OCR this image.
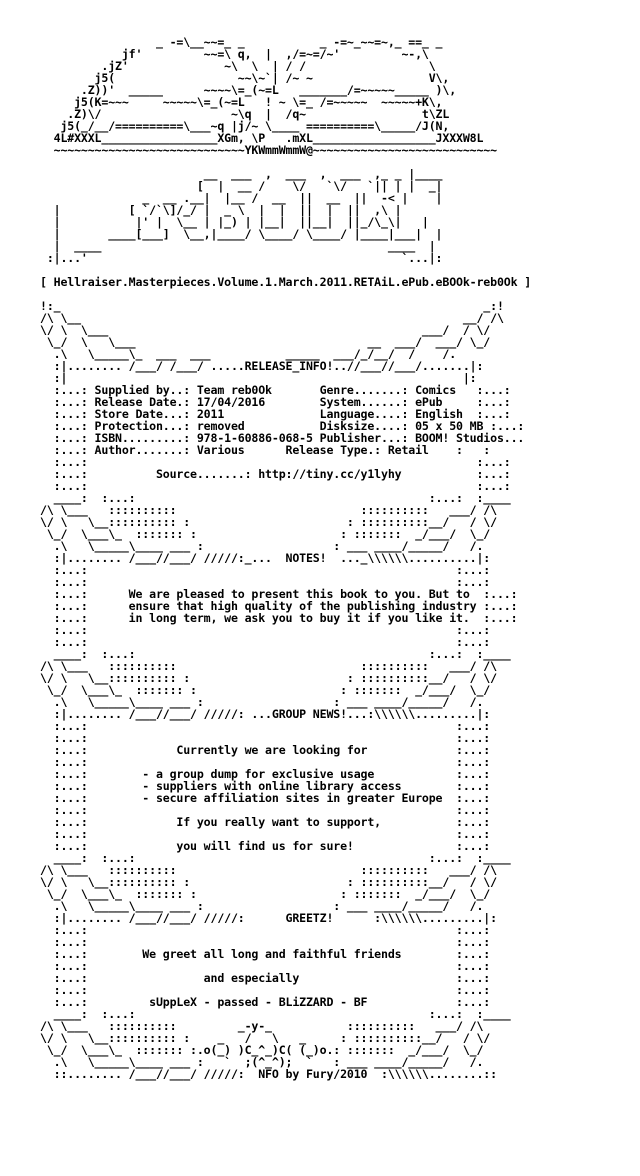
_ -=\__~~=_ _           _ -=~_~~=~,_ ==_ _
jf'         ~~=\ q,  |  ,/=~=/~'         ~-,\
.jZ'              ~\  \  | / /                  \
j5(                  ~~\~`| /~ ~                 V\,
.Z))'  _____      ~~~~\=_(~=L   _______/=~~~~~_____ )\,
j5(K=~~~     ~~~~~\=_(~=L   ! ~ \=_ /=~~~~~  ~~~~~+K\,
.Z)\/                   ~\q  |  /q~                 t\ZL
j5(_/__/==========\___~q |j/~ \____ ==========\_____/J(N,
4L#XXXL_________________XGm, \P   .mXL__________________JXXXW8L
~~~~~~~~~~~~~~~~~~~~~~~~~~~~YKWmmWmmW@~~~~~~~~~~~~~~~~~~~~~~~~~~~

__  ___  ,  ___  ,  ___  ,_ _ |____
[  |  __ /    \/   `\/   `|| | |  _|
_  __ .__|  |__ /  __  ||  __  ||  -< |    |
|          [ `/`\]/_/ |  _ \  |  |  ||  |  ||  ,\ |
|           |' |  \__ | |_) | |__|  ||__|  ||_/\_\|   |
|       ____[___]  \__,|____/ \____/ \____/ |____|___|  |
|  ____                                          ____  |
:|...'                                              `...|:

[ Hellraiser.Masterpieces.Volume.1.March.2011.RETAiL.ePub.eBOOk-reb0Ok ]

!:_                                                              _:!
/\ \__                                                        __/ /\
\/ \  \___                                              ___/  / \/
\_/  \   \___                                  __  ___/  ___/ \_/
.\   \_____\_  ___  ___           _____  ___/_/__/  /    /.
:|........ /___/ /___/ .....RELEASE_INFO!..//___//___/.......|:
:|                                                          |:
:...: Supplied by..: Team reb0Ok       Genre.......: Comics   :...:
:...: Release Date.: 17/04/2016        System......: ePub     :...:
:...: Store Date...: 2011              Language....: English  :...:
:...: Protection...: removed           Disksize....: 05 x 50 MB :...:
:...: ISBN.........: 978-1-60886-068-5 Publisher...: BOOM! Studios...
:...: Author.......: Various      Release Type.: Retail    :   :
:...:                                                         :...:
:...:          Source.......: http://tiny.cc/y1lyhy           :...:
:...:                                                         :...:
____:  :...:                                           :...:  :____
/\ \___   ::::::::::                           ::::::::::   ___/ /\
\/ \   \__:::::::::: :                       : ::::::::::__/   / \/
\_/  \___\_  ::::::: :                     : :::::::  _/___/  \_/
.\   \_____\____ ___ :                   : ___ ____/_____/   /.
:|........ /___//___/ /////:_...  NOTES!  ..._\\\\\\..........|:
:...:                                                      :...:
:...:                                                      :...:
:...:      We are pleased to present this book to you. But to  :...:
:...:      ensure that high quality of the publishing industry :...:
:...:      in long term, we ask you to buy it if you like it.  :...:
:...:                                                      :...:
:...:                                                      :...:
____:  :...:                                           :...:  :____
/\ \___   ::::::::::                           ::::::::::   ___/ /\
\/ \   \__:::::::::: :                       : ::::::::::__/   / \/
\_/  \___\_  ::::::: :                     : :::::::  _/___/  \_/
.\   \_____\____ ___ :                   : ___ ____/_____/   /.
:|........ /___//___/ /////: ...GROUP NEWS!...:\\\\\\.........|:
:...:                                                      :...:
:...:                                                      :...:
:...:             Currently we are looking for             :...:
:...:                                                      :...:
:...:        - a group dump for exclusive usage            :...:
:...:        - suppliers with online library access        :...:
:...:        - secure affiliation sites in greater Europe  :...:
:...:                                                      :...:
:...:             If you really want to support,           :...:
:...:                                                      :...:
:...:             you will find us for sure!               :...:
____:  :...:                                           :...:  :____
/\ \___   ::::::::::                           ::::::::::   ___/ /\
\/ \   \__:::::::::: :                       : ::::::::::__/   / \/
\_/  \___\_  ::::::: :                     : :::::::  _/___/  \_/
.\   \_____\____ ___ :                   : ___ ____/_____/   /.
:|........ /___//___/ /////:      GREETZ!      :\\\\\\.........|:
:...:                                                      :...:
:...:                                                      :...:
:...:        We greet all long and faithful friends        :...:
:...:                                                      :...:
:...:                 and especially                       :...:
:...:                                                      :...:
:...:         sUppLeX - passed - BLiZZARD - BF             :...:
____:  :...:                                           :...:  :____
/\ \___   ::::::::::         _-y-_           ::::::::::   ___/ /\
\/ \   \__:::::::::: :    _   /   \   _     : ::::::::::__/   / \/
\_/  \___\_  ::::::: :.o(_) )C_^_)C( (_)o.: :::::::  _/___/  \_/
.\   \_____\____ ___ :   `  ;(^_^);  `   : ___ ____/_____/   /.
::........ /___//___/ /////:  NFO by Fury/2010  :\\\\\\........::
